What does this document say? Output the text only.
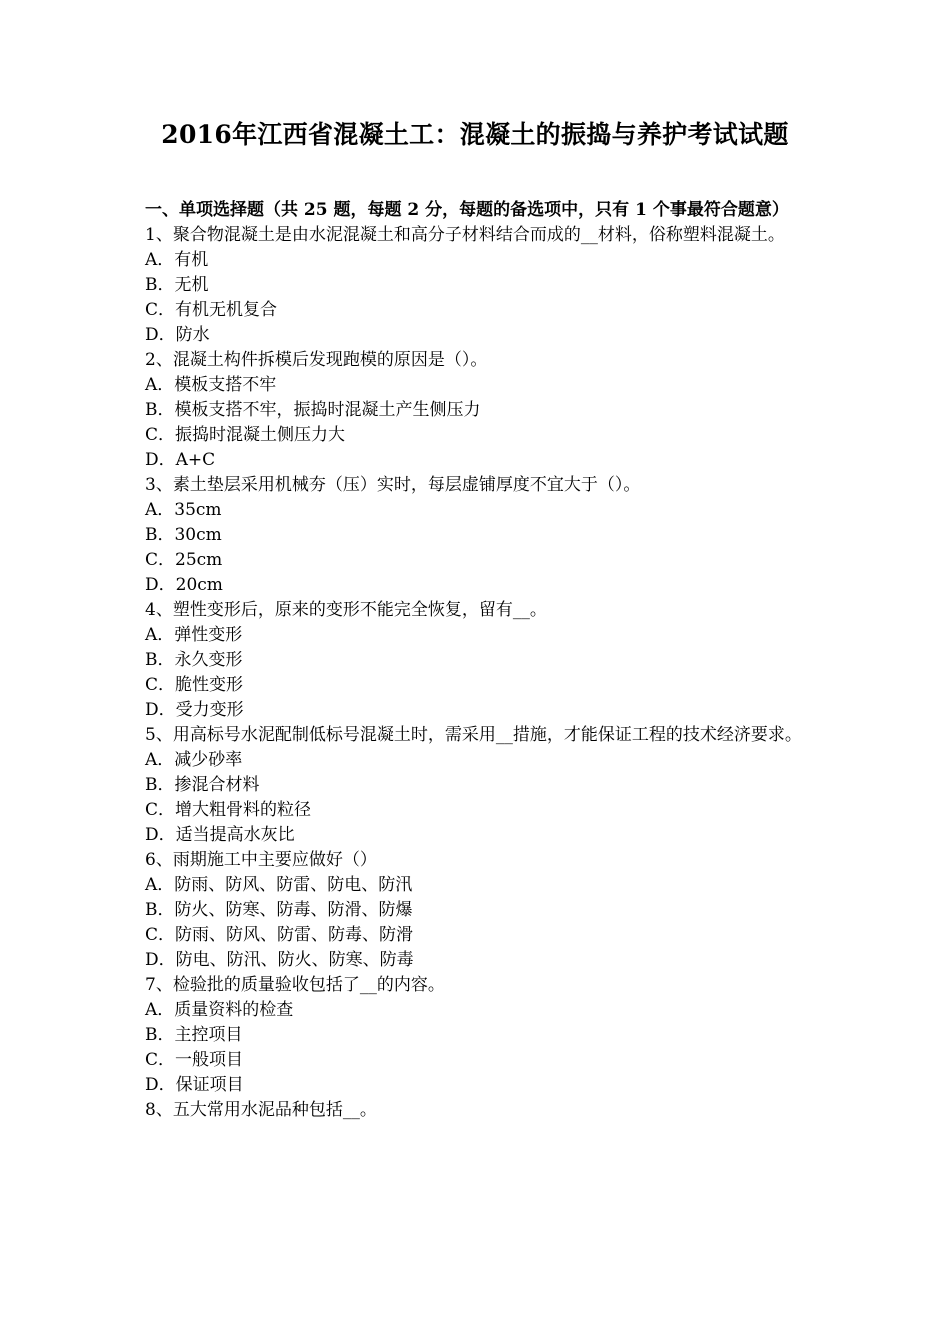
2016年江西省混凝土工：混凝土的振捣与养护考试试题

一、单项选择题（共 25 题，每题 2 分，每题的备选项中，只有 1 个事最符合题意）

1、聚合物混凝土是由水泥混凝土和高分子材料结合而成的__材料，俗称塑料混凝土。

A．有机

B．无机

C．有机无机复合

D．防水

2、混凝土构件拆模后发现跑模的原因是（）。

A．模板支搭不牢

B．模板支搭不牢，振捣时混凝土产生侧压力

C．振捣时混凝土侧压力大

D．A+C

3、素土垫层采用机械夯（压）实时，每层虚铺厚度不宜大于（）。

A．35cm

B．30cm

C．25cm

D．20cm

4、塑性变形后，原来的变形不能完全恢复，留有__。

A．弹性变形

B．永久变形

C．脆性变形

D．受力变形

5、用高标号水泥配制低标号混凝土时，需采用__措施，才能保证工程的技术经济要求。

A．减少砂率

B．掺混合材料

C．增大粗骨料的粒径

D．适当提高水灰比

6、雨期施工中主要应做好（）

A．防雨、防风、防雷、防电、防汛

B．防火、防寒、防毒、防滑、防爆

C．防雨、防风、防雷、防毒、防滑

D．防电、防汛、防火、防寒、防毒

7、检验批的质量验收包括了__的内容。

A．质量资料的检查

B．主控项目

C．一般项目

D．保证项目

8、五大常用水泥品种包括__。
